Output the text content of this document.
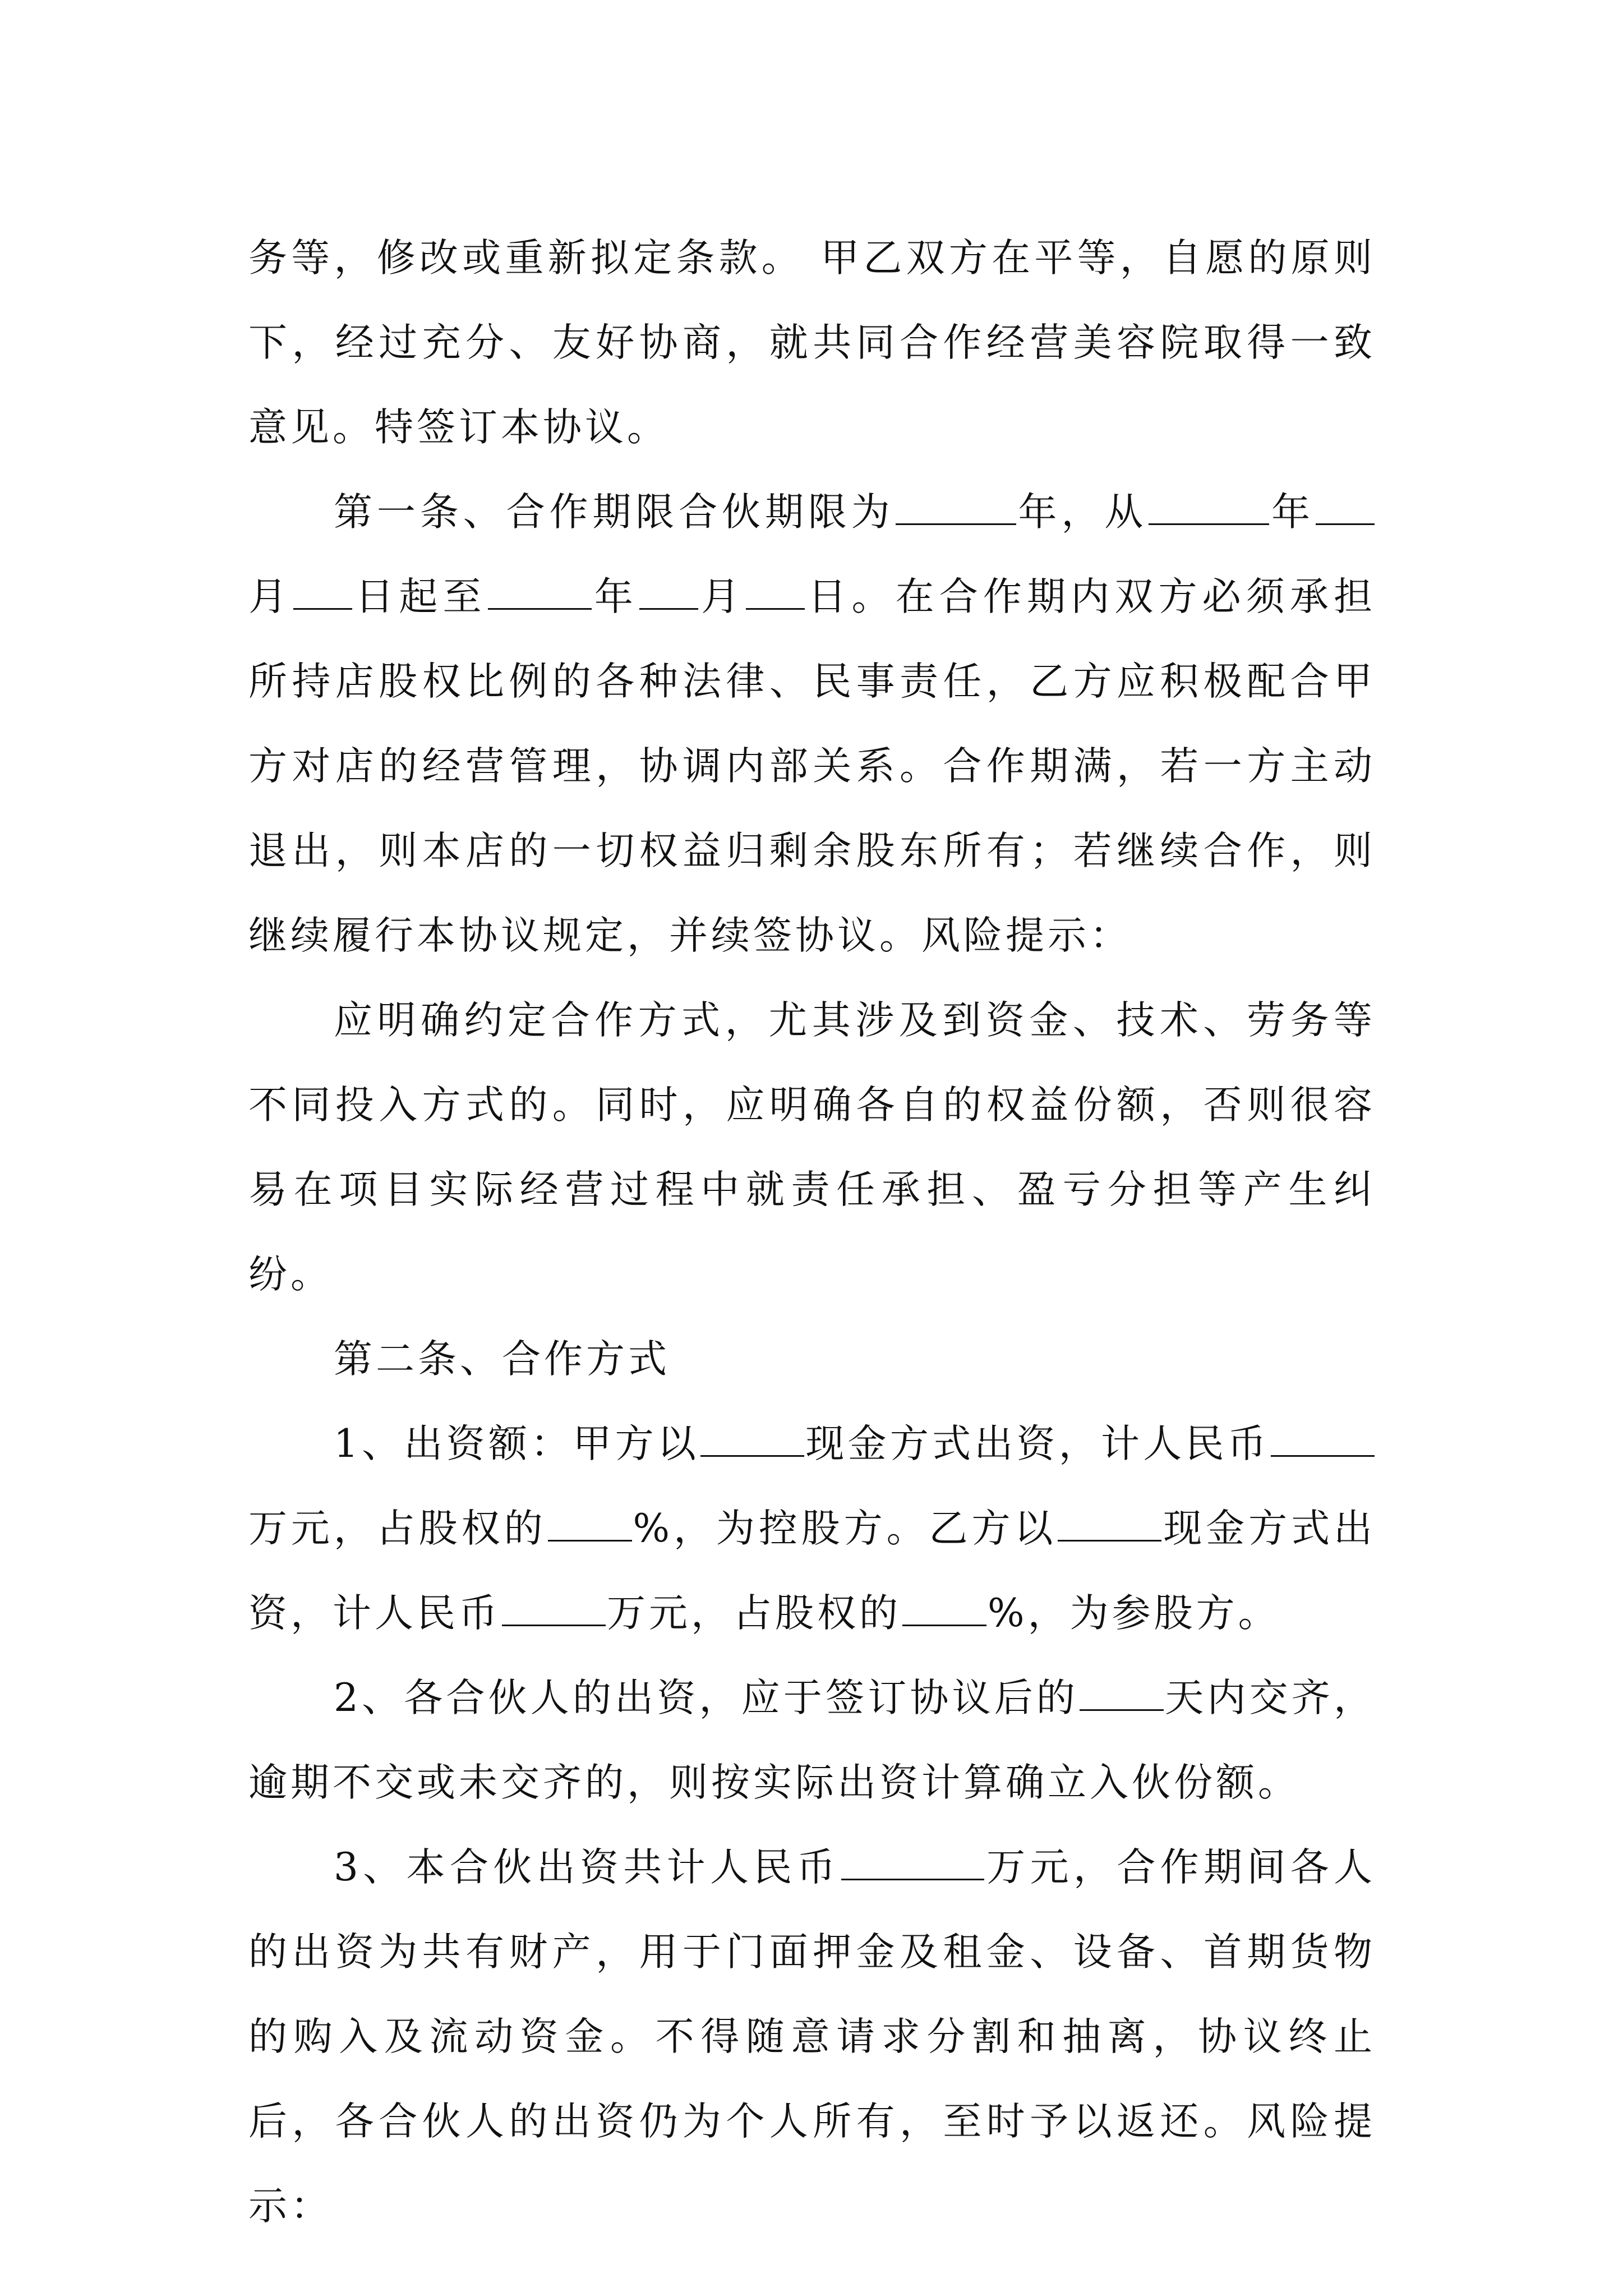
务等，修改或重新拟定条款。 甲乙双方在平等，自愿的原则下，经过充分、友好协商，就共同合作经营美容院取得一致意见。特签订本协议。

第一条、合作期限合伙期限为	年，从	年月 日起至	年 月 日。在合作期内双方必须承担所持店股权比例的各种法律、民事责任，乙方应积极配合甲方对店的经营管理，协调内部关系。合作期满，若一方主动退出，则本店的一切权益归剩余股东所有；若继续合作，则继续履行本协议规定，并续签协议。风险提示：

应明确约定合作方式，尤其涉及到资金、技术、劳务等不同投入方式的。同时，应明确各自的权益份额，否则很容易在项目实际经营过程中就责任承担、盈亏分担等产生纠纷。

第二条、合作方式

1、出资额：甲方以	现金方式出资，计人民币万元，占股权的 %，为控股方。乙方以	现金方式出资，计人民币	万元，占股权的 %，为参股方。

2、各合伙人的出资，应于签订协议后的 天内交齐，逾期不交或未交齐的，则按实际出资计算确立入伙份额。

3、本合伙出资共计人民币	万元，合作期间各人的出资为共有财产，用于门面押金及租金、设备、首期货物的购入及流动资金。不得随意请求分割和抽离，协议终止后，各合伙人的出资仍为个人所有，至时予以返还。风险提示：
